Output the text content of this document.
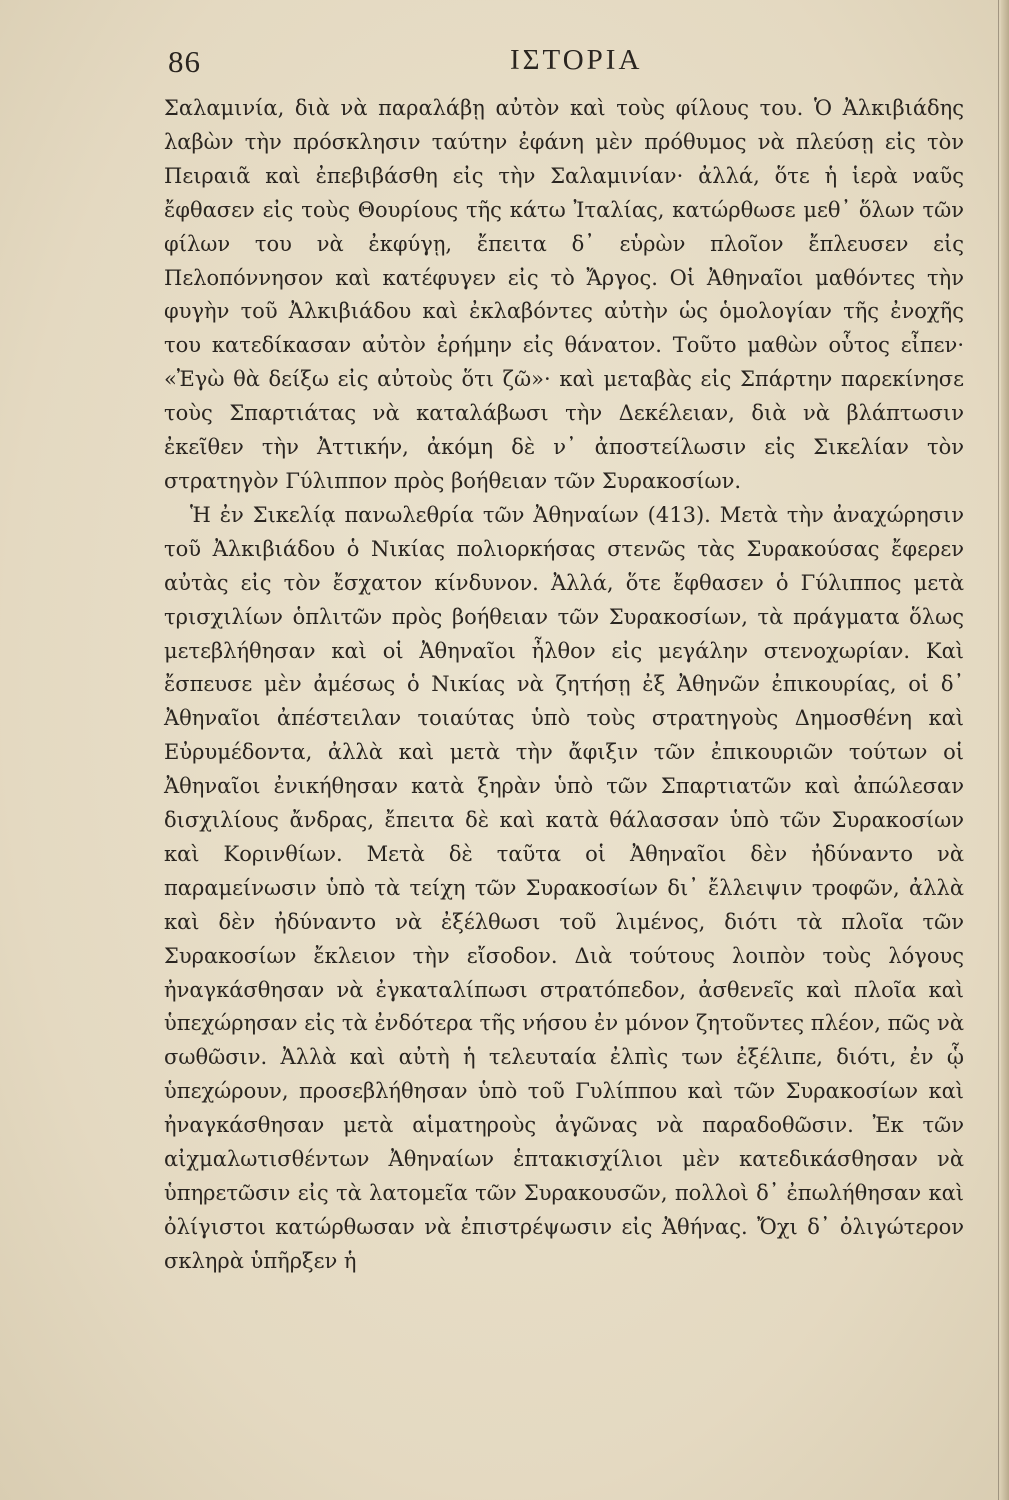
86	ΙΣΤΟΡΙΑ

Σαλαμινία, διὰ νὰ παραλάβῃ αὐτὸν καὶ τοὺς φίλους του. Ὁ Ἀλκιβιάδης λαβὼν τὴν πρόσκλησιν ταύτην ἐφάνη μὲν πρόθυμος νὰ πλεύσῃ εἰς τὸν Πειραιᾶ καὶ ἐπεβιβάσθη εἰς τὴν Σαλαμινίαν· ἀλλά, ὅτε ἡ ἱερὰ ναῦς ἔφθασεν εἰς τοὺς Θουρίους τῆς κάτω Ἰταλίας, κατώρθωσε μεθ᾽ ὅλων τῶν φίλων του νὰ ἐκφύγῃ, ἔπειτα δ᾽ εὑρὼν πλοῖον ἔπλευσεν εἰς Πελοπόννησον καὶ κατέφυγεν εἰς τὸ Ἄργος. Οἱ Ἀθηναῖοι μαθόντες τὴν φυγὴν τοῦ Ἀλκιβιάδου καὶ ἐκλαβόντες αὐτὴν ὡς ὁμολογίαν τῆς ἐνοχῆς του κατεδίκασαν αὐτὸν ἐρήμην εἰς θάνατον. Τοῦτο μαθὼν οὗτος εἶπεν· «Ἐγὼ θὰ δείξω εἰς αὐτοὺς ὅτι ζῶ»· καὶ μεταβὰς εἰς Σπάρτην παρεκίνησε τοὺς Σπαρτιάτας νὰ καταλάβωσι τὴν Δεκέλειαν, διὰ νὰ βλάπτωσιν ἐκεῖθεν τὴν Ἀττικήν, ἀκόμη δὲ ν᾽ ἀποστείλωσιν εἰς Σικελίαν τὸν στρατηγὸν Γύλιππον πρὸς βοήθειαν τῶν Συρακοσίων.

Ἡ ἐν Σικελίᾳ πανωλεθρία τῶν Ἀθηναίων (413). Μετὰ τὴν ἀναχώρησιν τοῦ Ἀλκιβιάδου ὁ Νικίας πολιορκήσας στενῶς τὰς Συρακούσας ἔφερεν αὐτὰς εἰς τὸν ἔσχατον κίνδυνον. Ἀλλά, ὅτε ἔφθασεν ὁ Γύλιππος μετὰ τρισχιλίων ὁπλιτῶν πρὸς βοήθειαν τῶν Συρακοσίων, τὰ πράγματα ὅλως μετεβλήθησαν καὶ οἱ Ἀθηναῖοι ἦλθον εἰς μεγάλην στενοχωρίαν. Καὶ ἔσπευσε μὲν ἀμέσως ὁ Νικίας νὰ ζητήσῃ ἐξ Ἀθηνῶν ἐπικουρίας, οἱ δ᾽ Ἀθηναῖοι ἀπέστειλαν τοιαύτας ὑπὸ τοὺς στρατηγοὺς Δημοσθένη καὶ Εὐρυμέδοντα, ἀλλὰ καὶ μετὰ τὴν ἄφιξιν τῶν ἐπικουριῶν τούτων οἱ Ἀθηναῖοι ἐνικήθησαν κατὰ ξηρὰν ὑπὸ τῶν Σπαρτιατῶν καὶ ἀπώλεσαν δισχιλίους ἄνδρας, ἔπειτα δὲ καὶ κατὰ θάλασσαν ὑπὸ τῶν Συρακοσίων καὶ Κορινθίων. Μετὰ δὲ ταῦτα οἱ Ἀθηναῖοι δὲν ἠδύναντο νὰ παραμείνωσιν ὑπὸ τὰ τείχη τῶν Συρακοσίων δι᾽ ἔλλειψιν τροφῶν, ἀλλὰ καὶ δὲν ἠδύναντο νὰ ἐξέλθωσι τοῦ λιμένος, διότι τὰ πλοῖα τῶν Συρακοσίων ἔκλειον τὴν εἴσοδον. Διὰ τούτους λοιπὸν τοὺς λόγους ἠναγκάσθησαν νὰ ἐγκαταλίπωσι στρατόπεδον, ἀσθενεῖς καὶ πλοῖα καὶ ὑπεχώρησαν εἰς τὰ ἐνδότερα τῆς νήσου ἐν μόνον ζητοῦντες πλέον, πῶς νὰ σωθῶσιν. Ἀλλὰ καὶ αὐτὴ ἡ τελευταία ἐλπὶς των ἐξέλιπε, διότι, ἐν ᾧ ὑπεχώρουν, προσεβλήθησαν ὑπὸ τοῦ Γυλίππου καὶ τῶν Συρακοσίων καὶ ἠναγκάσθησαν μετὰ αἱματηροὺς ἀγῶνας νὰ παραδοθῶσιν. Ἐκ τῶν αἰχμαλωτισθέντων Ἀθηναίων ἑπτακισχίλιοι μὲν κατεδικάσθησαν νὰ ὑπηρετῶσιν εἰς τὰ λατομεῖα τῶν Συρακουσῶν, πολλοὶ δ᾽ ἐπωλήθησαν καὶ ὀλίγιστοι κατώρθωσαν νὰ ἐπιστρέψωσιν εἰς Ἀθήνας. Ὄχι δ᾽ ὀλιγώτερον σκληρὰ ὑπῆρξεν ἡ
